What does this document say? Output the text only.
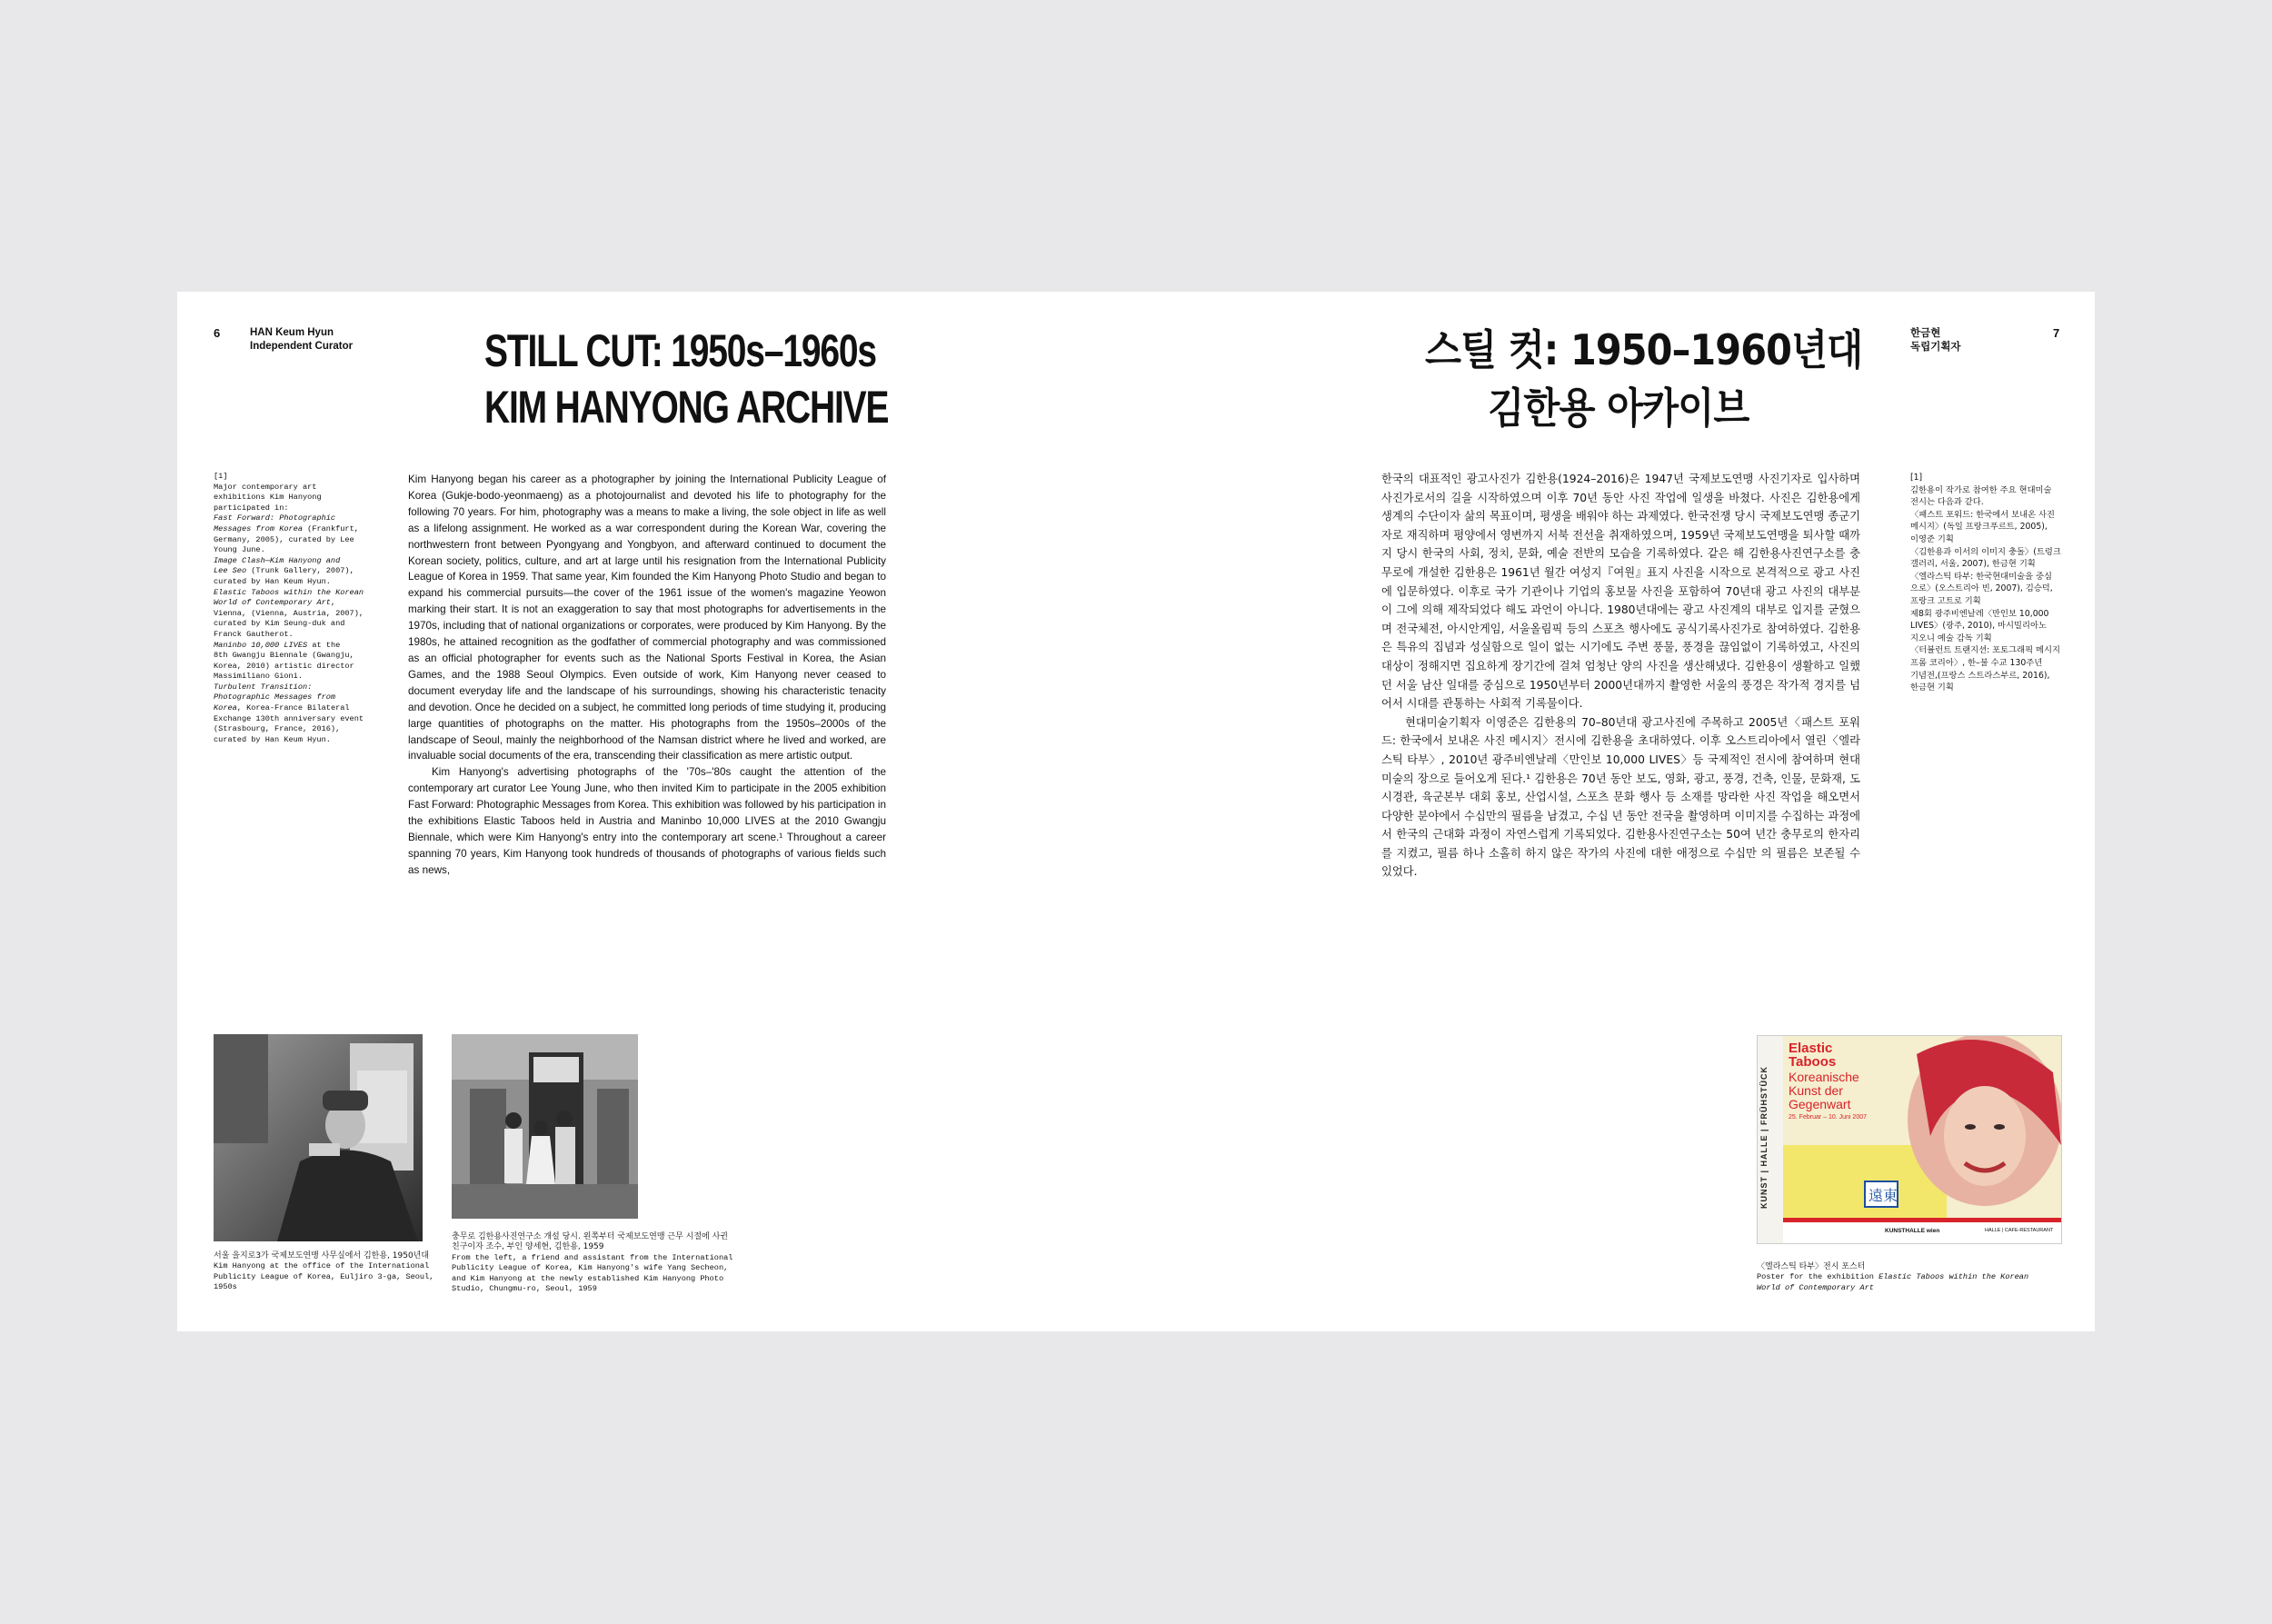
6	HAN Keum Hyun
Independent Curator	STILL CUT: 1950s–1960s
KIM HANYONG ARCHIVE
[1]
Major contemporary art
exhibitions Kim Hanyong
participated in:
Fast Forward: Photographic
Messages from Korea (Frankfurt,
Germany, 2005), curated by Lee
Young June.
Image Clash—Kim Hanyong and
Lee Seo (Trunk Gallery, 2007),
curated by Han Keum Hyun.
Elastic Taboos within the Korean
World of Contemporary Art,
Vienna, (Vienna, Austria, 2007),
curated by Kim Seung-duk and
Franck Gautherot.
Maninbo 10,000 LIVES at the
8th Gwangju Biennale (Gwangju,
Korea, 2010) artistic director
Massimiliano Gioni.
Turbulent Transition:
Photographic Messages from
Korea, Korea-France Bilateral
Exchange 130th anniversary event
(Strasbourg, France, 2016),
curated by Han Keum Hyun.

Kim Hanyong began his career as a photographer by joining the International Publicity League of Korea (Gukje-bodo-yeonmaeng) as a photojournalist and devoted his life to photography for the following 70 years. For him, photography was a means to make a living, the sole object in life as well as a lifelong assignment. He worked as a war correspondent during the Korean War, covering the northwestern front between Pyongyang and Yongbyon, and afterward continued to document the Korean society, politics, culture, and art at large until his resignation from the International Publicity League of Korea in 1959. That same year, Kim founded the Kim Hanyong Photo Studio and began to expand his commercial pursuits—the cover of the 1961 issue of the women's magazine Yeowon marking their start. It is not an exaggeration to say that most photographs for advertisements in the 1970s, including that of national organizations or corporates, were produced by Kim Hanyong. By the 1980s, he attained recognition as the godfather of commercial photography and was commissioned as an official photographer for events such as the National Sports Festival in Korea, the Asian Games, and the 1988 Seoul Olympics. Even outside of work, Kim Hanyong never ceased to document everyday life and the landscape of his surroundings, showing his characteristic tenacity and devotion. Once he decided on a subject, he committed long periods of time studying it, producing large quantities of photographs on the matter. His photographs from the 1950s–2000s of the landscape of Seoul, mainly the neighborhood of the Namsan district where he lived and worked, are invaluable social documents of the era, transcending their classification as mere artistic output.

Kim Hanyong's advertising photographs of the '70s–'80s caught the attention of the contemporary art curator Lee Young June, who then invited Kim to participate in the 2005 exhibition Fast Forward: Photographic Messages from Korea. This exhibition was followed by his participation in the exhibitions Elastic Taboos held in Austria and Maninbo 10,000 LIVES at the 2010 Gwangju Biennale, which were Kim Hanyong's entry into the contemporary art scene.¹ Throughout a career spanning 70 years, Kim Hanyong took hundreds of thousands of photographs of various fields such as news,

서울 을지로3가 국제보도연맹 사무실에서 김한용, 1950년대
Kim Hanyong at the office of the International Publicity League of Korea, Euljiro 3-ga, Seoul, 1950s
충무로 김한용사진연구소 개설 당시. 왼쪽부터 국제보도연맹 근무 시절에 사귄 친구이자 조수, 부인 양세현, 김한용, 1959
From the left, a friend and assistant from the International Publicity League of Korea, Kim Hanyong's wife Yang Secheon, and Kim Hanyong at the newly established Kim Hanyong Photo Studio, Chungmu-ro, Seoul, 1959
스틸 컷: 1950–1960년대
김한용 아카이브
한금현
독립기획자
7

한국의 대표적인 광고사진가 김한용(1924–2016)은 1947년 국제보도연맹 사진기자로 입사하며 사진가로서의 길을 시작하였으며 이후 70년 동안 사진 작업에 일생을 바쳤다. 사진은 김한용에게 생계의 수단이자 삶의 목표이며, 평생을 배워야 하는 과제였다. 한국전쟁 당시 국제보도연맹 종군기자로 재직하며 평양에서 영변까지 서북 전선을 취재하였으며, 1959년 국제보도연맹을 퇴사할 때까지 당시 한국의 사회, 정치, 문화, 예술 전반의 모습을 기록하였다. 같은 해 김한용사진연구소를 충무로에 개설한 김한용은 1961년 월간 여성지『여원』표지 사진을 시작으로 본격적으로 광고 사진에 입문하였다. 이후로 국가 기관이나 기업의 홍보물 사진을 포함하여 70년대 광고 사진의 대부분이 그에 의해 제작되었다 해도 과언이 아니다. 1980년대에는 광고 사진계의 대부로 입지를 굳혔으며 전국체전, 아시안게임, 서울올림픽 등의 스포츠 행사에도 공식기록사진가로 참여하였다. 김한용은 특유의 집념과 성실함으로 일이 없는 시기에도 주변 풍물, 풍경을 끊임없이 기록하였고, 사진의 대상이 정해지면 집요하게 장기간에 걸쳐 엄청난 양의 사진을 생산해냈다. 김한용이 생활하고 일했던 서울 남산 일대를 중심으로 1950년부터 2000년대까지 촬영한 서울의 풍경은 작가적 경지를 넘어서 시대를 관통하는 사회적 기록물이다.

현대미술기획자 이영준은 김한용의 70–80년대 광고사진에 주목하고 2005년〈패스트 포워드: 한국에서 보내온 사진 메시지〉전시에 김한용을 초대하였다. 이후 오스트리아에서 열린〈엘라스틱 타부〉, 2010년 광주비엔날레〈만인보 10,000 LIVES〉등 국제적인 전시에 참여하며 현대미술의 장으로 들어오게 된다.¹ 김한용은 70년 동안 보도, 영화, 광고, 풍경, 건축, 인물, 문화재, 도시경관, 육군본부 대회 홍보, 산업시설, 스포츠 문화 행사 등 소재를 망라한 사진 작업을 해오면서 다양한 분야에서 수십만의 필름을 남겼고, 수십 년 동안 전국을 촬영하며 이미지를 수집하는 과정에서 한국의 근대화 과정이 자연스럽게 기록되었다. 김한용사진연구소는 50여 년간 충무로의 한자리를 지켰고, 필름 하나 소홀히 하지 않은 작가의 사진에 대한 애정으로 수십만 의 필름은 보존될 수 있었다.

[1]
김한용이 작가로 참여한 주요 현대미술
전시는 다음과 같다.
〈패스트 포워드: 한국에서 보내온 사진
메시지〉(독일 프랑크푸르트, 2005),
이영준 기획
〈김한용과 이서의 이미지 충돌〉(트렁크
갤러리, 서울, 2007), 한금현 기획
〈엘라스틱 타부: 한국현대미술을 중심
으로〉(오스트리아 빈, 2007), 김승덕,
프랑크 고트로 기획
제8회 광주비엔날레〈만인보 10,000
LIVES〉(광주, 2010), 마시밀리아노
지오니 예술 감독 기획
〈터뷸런트 트랜지션: 포토그래픽 메시지
프롬 코리아〉, 한–불 수교 130주년
기념전,(프랑스 스트라스부르, 2016),
한금현 기획
Elastic
Taboos
Koreanische
Kunst der
Gegenwart
25. Februar – 10. Juni 2007
KUNST | HALLE | FRÜHSTÜCK	遠東
KUNSTHALLE wien	HALLE | CAFE-RESTAURANT
〈엘라스틱 타부〉전시 포스터
Poster for the exhibition Elastic Taboos within the Korean World of Contemporary Art
